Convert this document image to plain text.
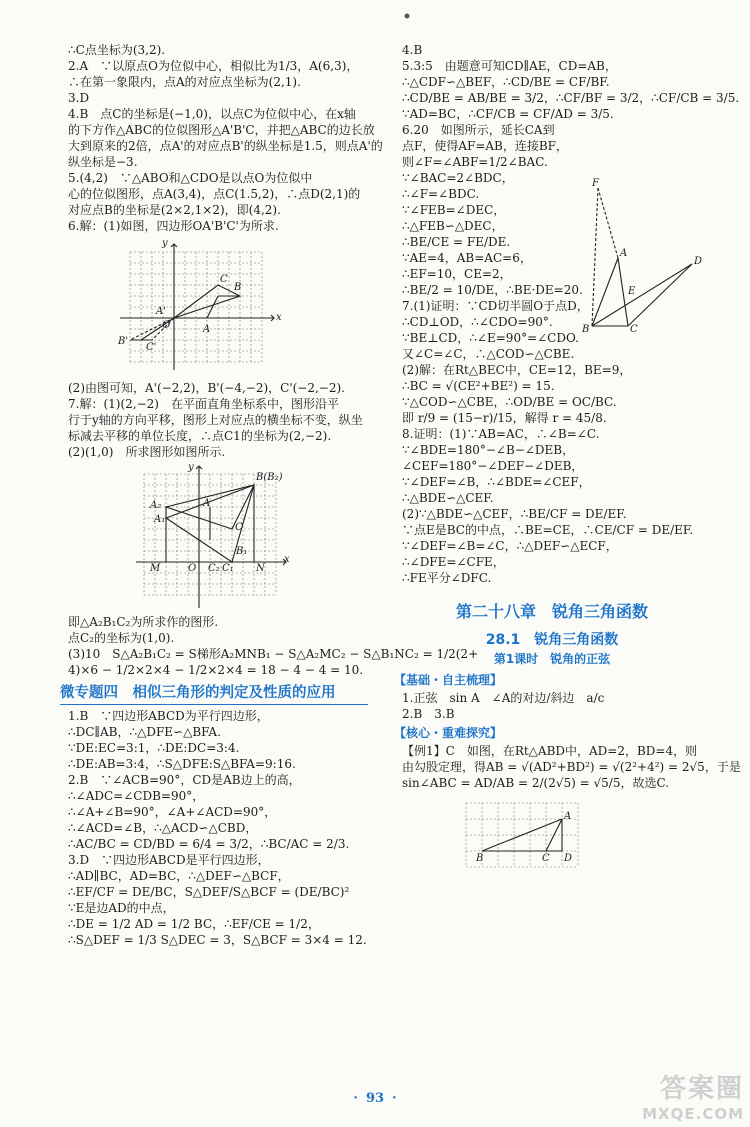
∴C点坐标为(3,2).

2.A　∵以原点O为位似中心，相似比为1/3，A(6,3)，

∴在第一象限内，点A的对应点坐标为(2,1).

3.D

4.B　点C的坐标是(−1,0)，以点C为位似中心，在x轴

的下方作△ABC的位似图形△A'B'C，并把△ABC的边长放

大到原来的2倍，点A'的对应点B'的纵坐标是1.5，则点A'的

纵坐标是−3.

5.(4,2)　∵△ABO和△CDO是以点O为位似中

心的位似图形，点A(3,4)，点C(1.5,2)，∴点D(2,1)的

对应点B的坐标是(2×2,1×2)，即(4,2).

6.解：(1)如图，四边形OA'B'C'为所求.

y
x
O
C
B
A
B'
C'
A'

(2)由图可知，A'(−2,2)，B'(−4,−2)，C'(−2,−2).

7.解：(1)(2,−2)　在平面直角坐标系中，图形沿平

行于y轴的方向平移，图形上对应点的横坐标不变，纵坐

标减去平移的单位长度，∴点C1的坐标为(2,−2).

(2)(1,0)　所求图形如图所示.

y
B(B₂)
A₂	A
A₁
C
M	O	C₁ N
x
C₂
B₁

即△A₂B₁C₂为所求作的图形.

点C₂的坐标为(1,0).

(3)10　S△A₂B₁C₂ = S梯形A₂MNB₁ − S△A₂MC₂ − S△B₁NC₂ = 1/2(2+

4)×6 − 1/2×2×4 − 1/2×2×4 = 18 − 4 − 4 = 10.

微专题四　相似三角形的判定及性质的应用

1.B　∵四边形ABCD为平行四边形，

∴DC∥AB，∴△DFE∽△BFA.

∵DE:EC=3:1，∴DE:DC=3:4.

∴DE:AB=3:4，∴S△DFE:S△BFA=9:16.

2.B　∵∠ACB=90°，CD是AB边上的高，

∴∠ADC=∠CDB=90°，

∴∠A+∠B=90°，∠A+∠ACD=90°，

∴∠ACD=∠B，∴△ACD∽△CBD，

∴AC/BC = CD/BD = 6/4 = 3/2，∴BC/AC = 2/3.

3.D　∵四边形ABCD是平行四边形，

∴AD∥BC，AD=BC，∴△DEF∽△BCF，

∴EF/CF = DE/BC，S△DEF/S△BCF = (DE/BC)²

∵E是边AD的中点，

∴DE = 1/2 AD = 1/2 BC，∴EF/CE = 1/2，

∴S△DEF = 1/3 S△DEC = 3，S△BCF = 3×4 = 12.

F
A
D
E
B	C

4.B

5.3:5　由题意可知CD∥AE，CD=AB，

∴△CDF∽△BEF，∴CD/BE = CF/BF.

∴CD/BE = AB/BE = 3/2，∴CF/BF = 3/2，∴CF/CB = 3/5.

∵AD=BC，∴CF/CB = CF/AD = 3/5.

6.20　如图所示，延长CA到

点F，使得AF=AB，连接BF，

则∠F=∠ABF=1/2∠BAC.

∵∠BAC=2∠BDC，

∴∠F=∠BDC.

∵∠FEB=∠DEC，

∴△FEB∽△DEC，

∴BE/CE = FE/DE.

∵AE=4，AB=AC=6，

∴EF=10，CE=2，

∴BE/2 = 10/DE，∴BE·DE=20.

7.(1)证明：∵CD切半圆O于点D，

∴CD⊥OD，∴∠CDO=90°.

∵BE⊥CD，∴∠E=90°=∠CDO.

又∠C=∠C，∴△COD∽△CBE.

(2)解：在Rt△BEC中，CE=12，BE=9，

∴BC = √(CE²+BE²) = 15.

∵△COD∽△CBE，∴OD/BE = OC/BC.

即 r/9 = (15−r)/15，解得 r = 45/8.

8.证明：(1)∵AB=AC，∴∠B=∠C.

∵∠BDE=180°−∠B−∠DEB，

∠CEF=180°−∠DEF−∠DEB，

∵∠DEF=∠B，∴∠BDE=∠CEF，

∴△BDE∽△CEF.

(2)∵△BDE∽△CEF，∴BE/CF = DE/EF.

∵点E是BC的中点，∴BE=CE，∴CE/CF = DE/EF.

∵∠DEF=∠B=∠C，∴△DEF∽△ECF，

∴∠DFE=∠CFE，

∴FE平分∠DFC.

第二十八章　锐角三角函数
28.1　锐角三角函数
第1课时　锐角的正弦
【基础・自主梳理】

1.正弦　sin A　∠A的对边/斜边　a/c

2.B　3.B

【核心・重难探究】

【例1】C　如图，在Rt△ABD中，AD=2，BD=4，则

由勾股定理，得AB = √(AD²+BD²) = √(2²+4²) = 2√5，于是

sin∠ABC = AD/AB = 2/(2√5) = √5/5，故选C.

A
B	C D
· 93 ·	答案圈
MXQE.COM
